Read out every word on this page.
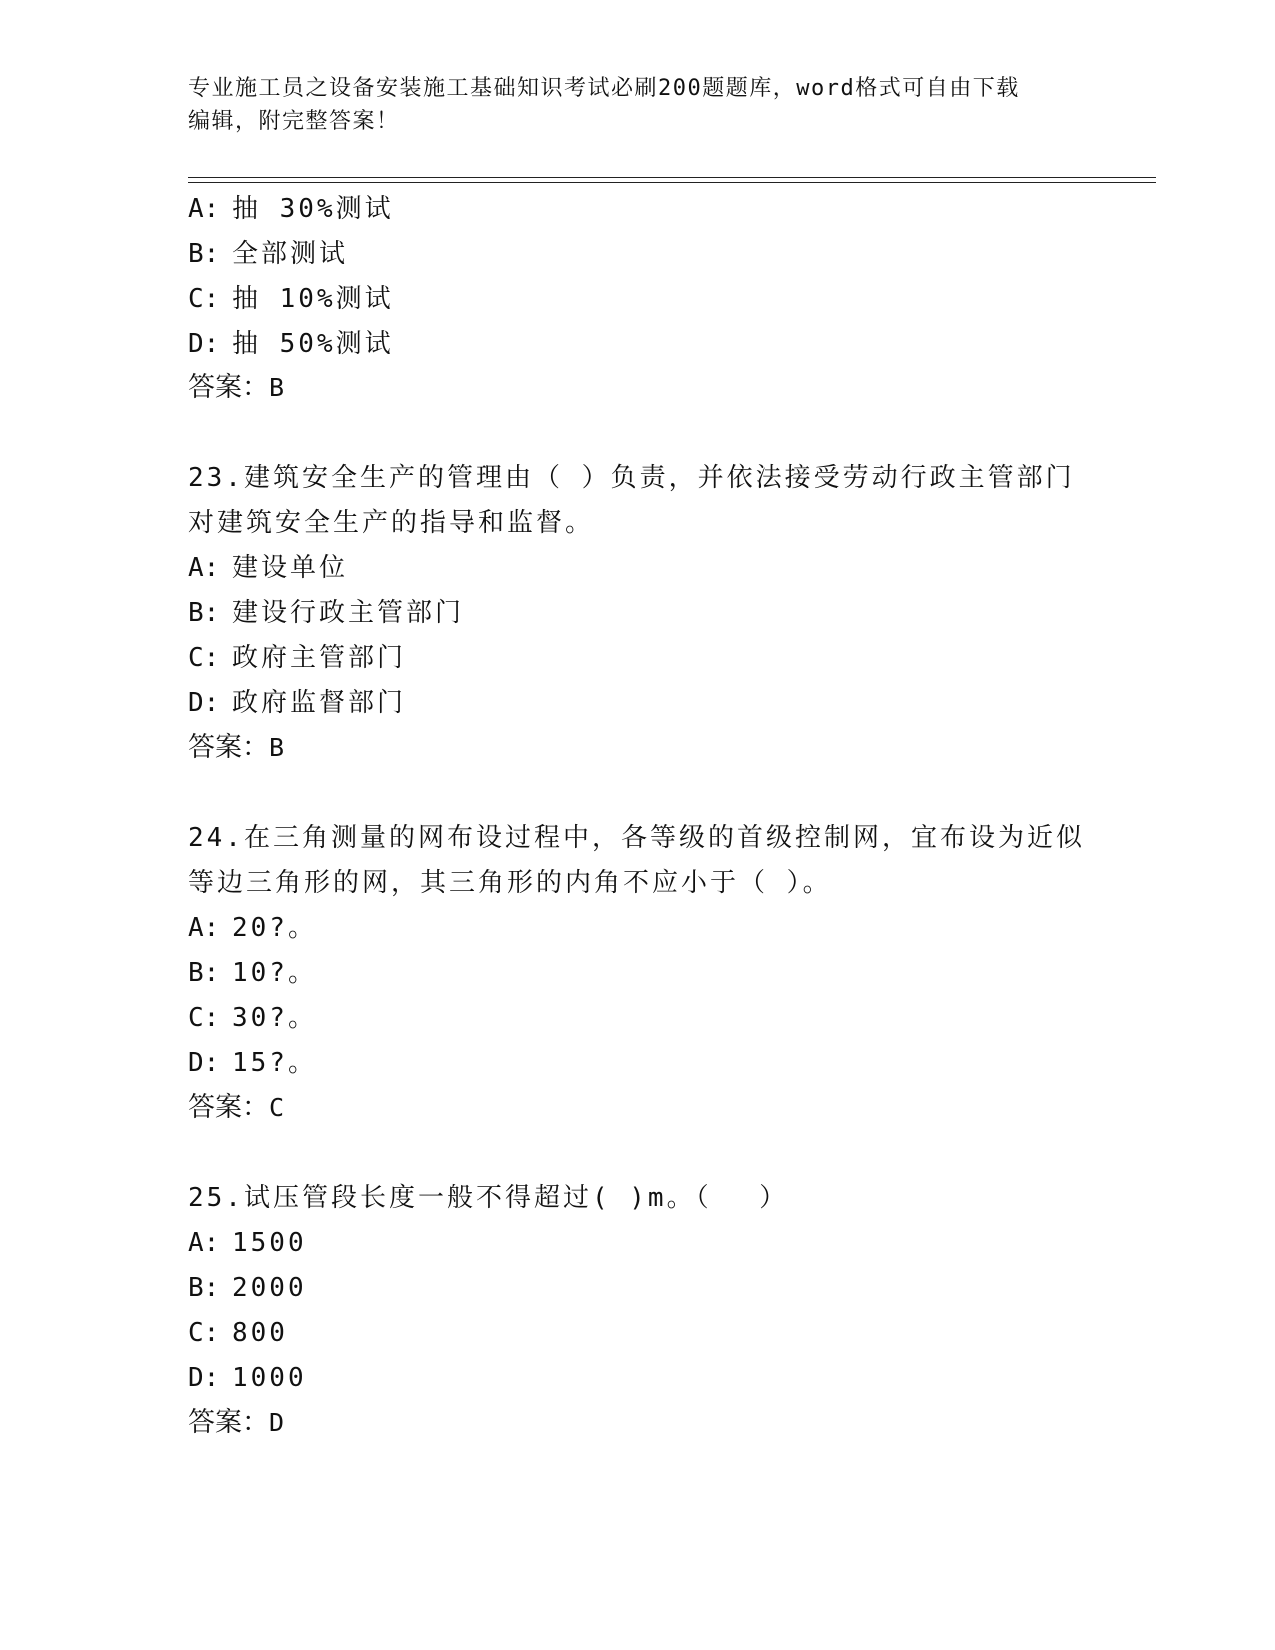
专业施工员之设备安装施工基础知识考试必刷200题题库，word格式可自由下载
编辑，附完整答案！
A: 抽 30%测试
B: 全部测试
C: 抽 10%测试
D: 抽 50%测试
答案：B
23.建筑安全生产的管理由（ ）负责，并依法接受劳动行政主管部门
对建筑安全生产的指导和监督。
A: 建设单位
B: 建设行政主管部门
C: 政府主管部门
D: 政府监督部门
答案：B
24.在三角测量的网布设过程中，各等级的首级控制网，宜布设为近似
等边三角形的网，其三角形的内角不应小于（ ）。
A: 20?。
B: 10?。
C: 30?。
D: 15?。
答案：C
25.试压管段长度一般不得超过( )m。（　 ）
A: 1500
B: 2000
C: 800
D: 1000
答案：D
